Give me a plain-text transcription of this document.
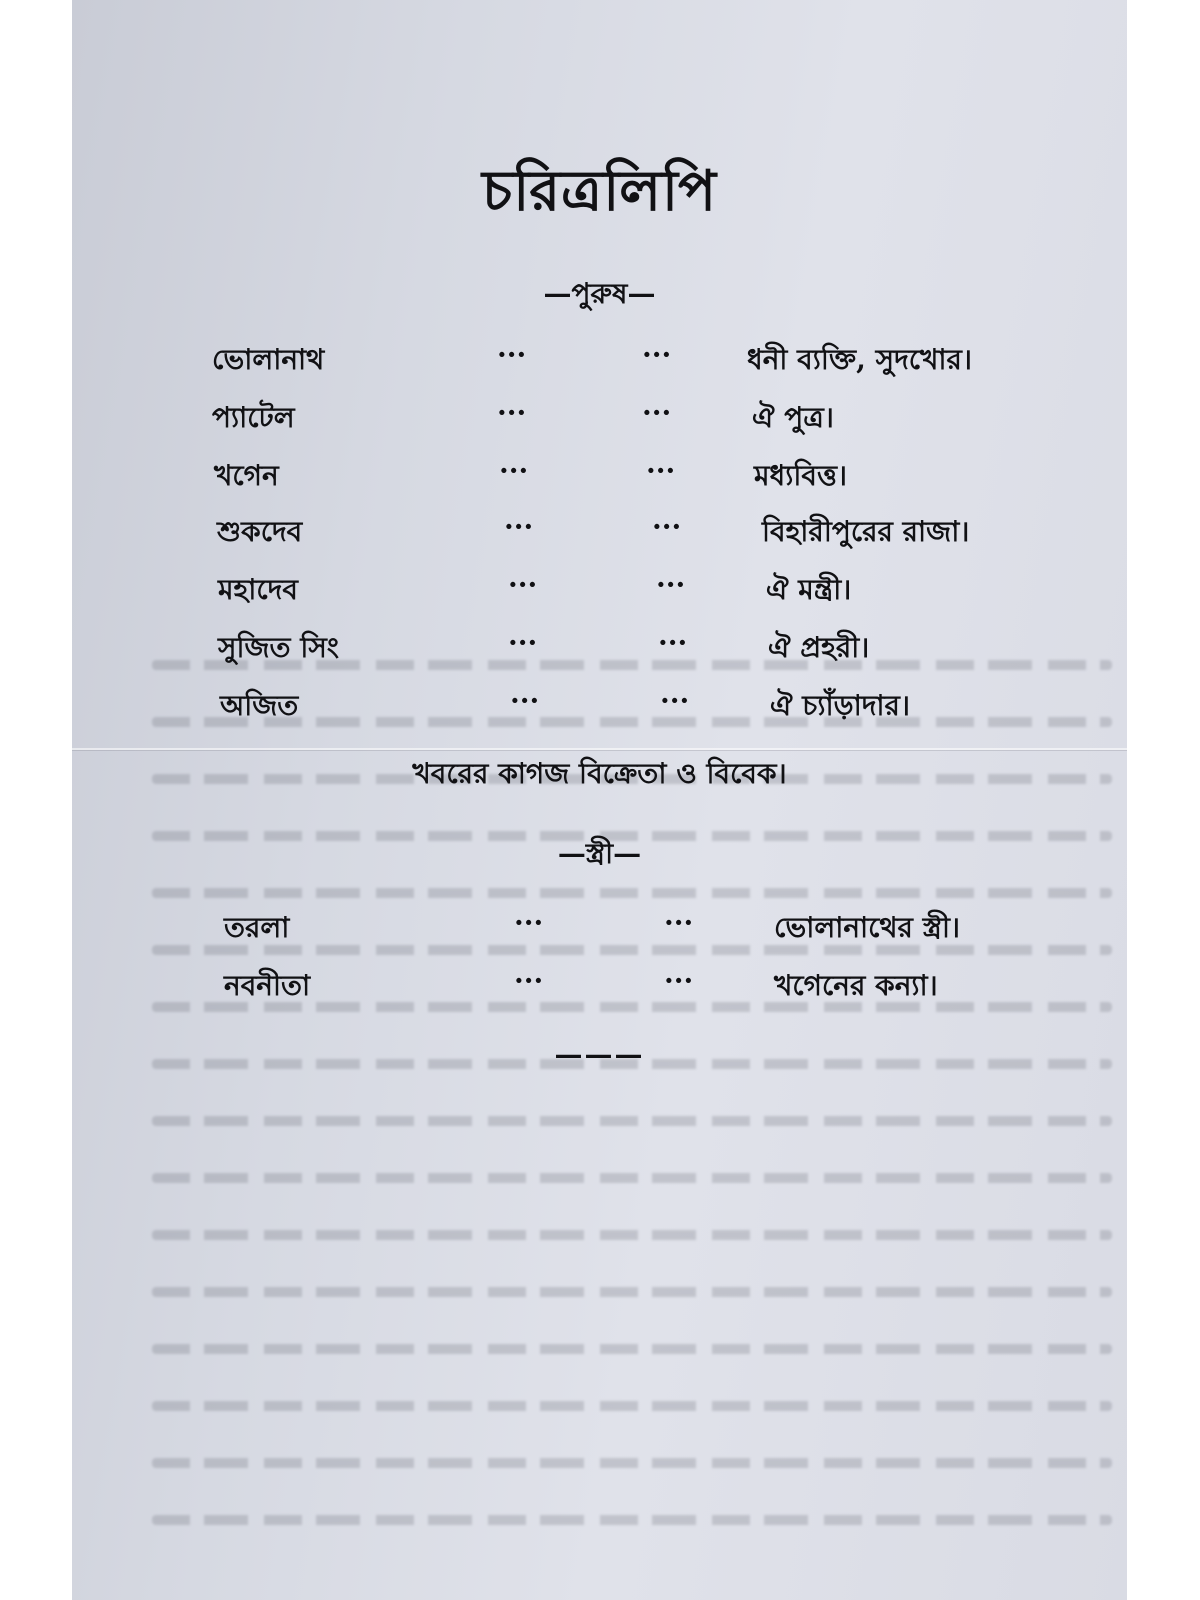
চরিত্রলিপি
—পুরুষ—
ভোলানাথ	···	···	ধনী ব্যক্তি, সুদখোর।
প্যাটেল	···	···	ঐ পুত্র।
খগেন	···	···	মধ্যবিত্ত।
শুকদেব	···	···	বিহারীপুরের রাজা।
মহাদেব	···	···	ঐ মন্ত্রী।
সুজিত সিং	···	···	ঐ প্রহরী।
অজিত	···	···	ঐ চ্যাঁড়াদার।
খবরের কাগজ বিক্রেতা ও বিবেক।
—স্ত্রী—
তরলা	···	···	ভোলানাথের স্ত্রী।
নবনীতা	···	···	খগেনের কন্যা।
———
